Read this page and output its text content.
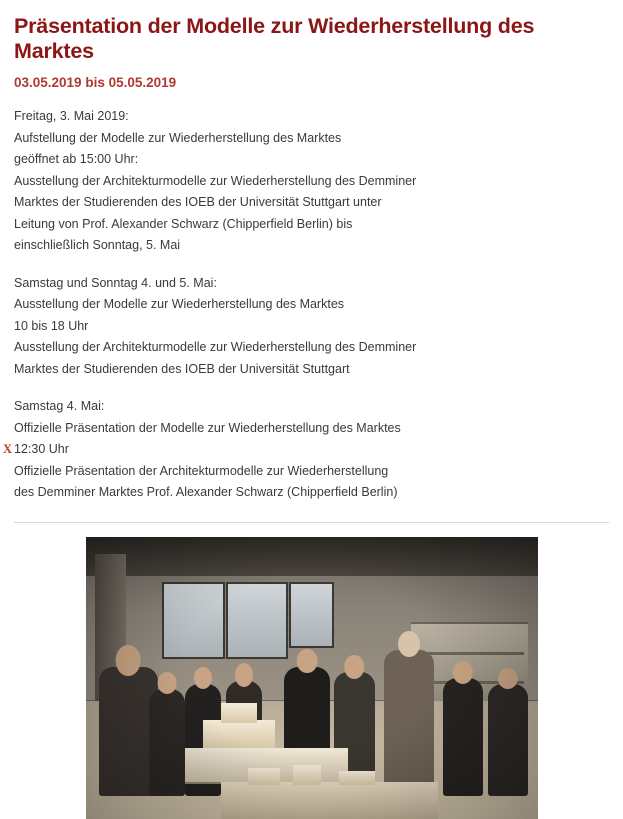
Präsentation der Modelle zur Wiederherstellung des Marktes
03.05.2019 bis 05.05.2019
Freitag, 3. Mai 2019:
Aufstellung der Modelle zur Wiederherstellung des Marktes
geöffnet ab 15:00 Uhr:
Ausstellung der Architekturmodelle zur Wiederherstellung des Demminer
Marktes der Studierenden des IOEB der Universität Stuttgart unter
Leitung von Prof. Alexander Schwarz (Chipperfield Berlin) bis
einschließlich Sonntag, 5. Mai
Samstag und Sonntag 4. und 5. Mai:
Ausstellung der Modelle zur Wiederherstellung des Marktes
10 bis 18 Uhr
Ausstellung der Architekturmodelle zur Wiederherstellung des Demminer
Marktes der Studierenden des IOEB der Universität Stuttgart
Samstag 4. Mai:
Offizielle Präsentation der Modelle zur Wiederherstellung des Marktes
X 12:30 Uhr
Offizielle Präsentation der Architekturmodelle zur Wiederherstellung
des Demminer Marktes Prof. Alexander Schwarz (Chipperfield Berlin)
